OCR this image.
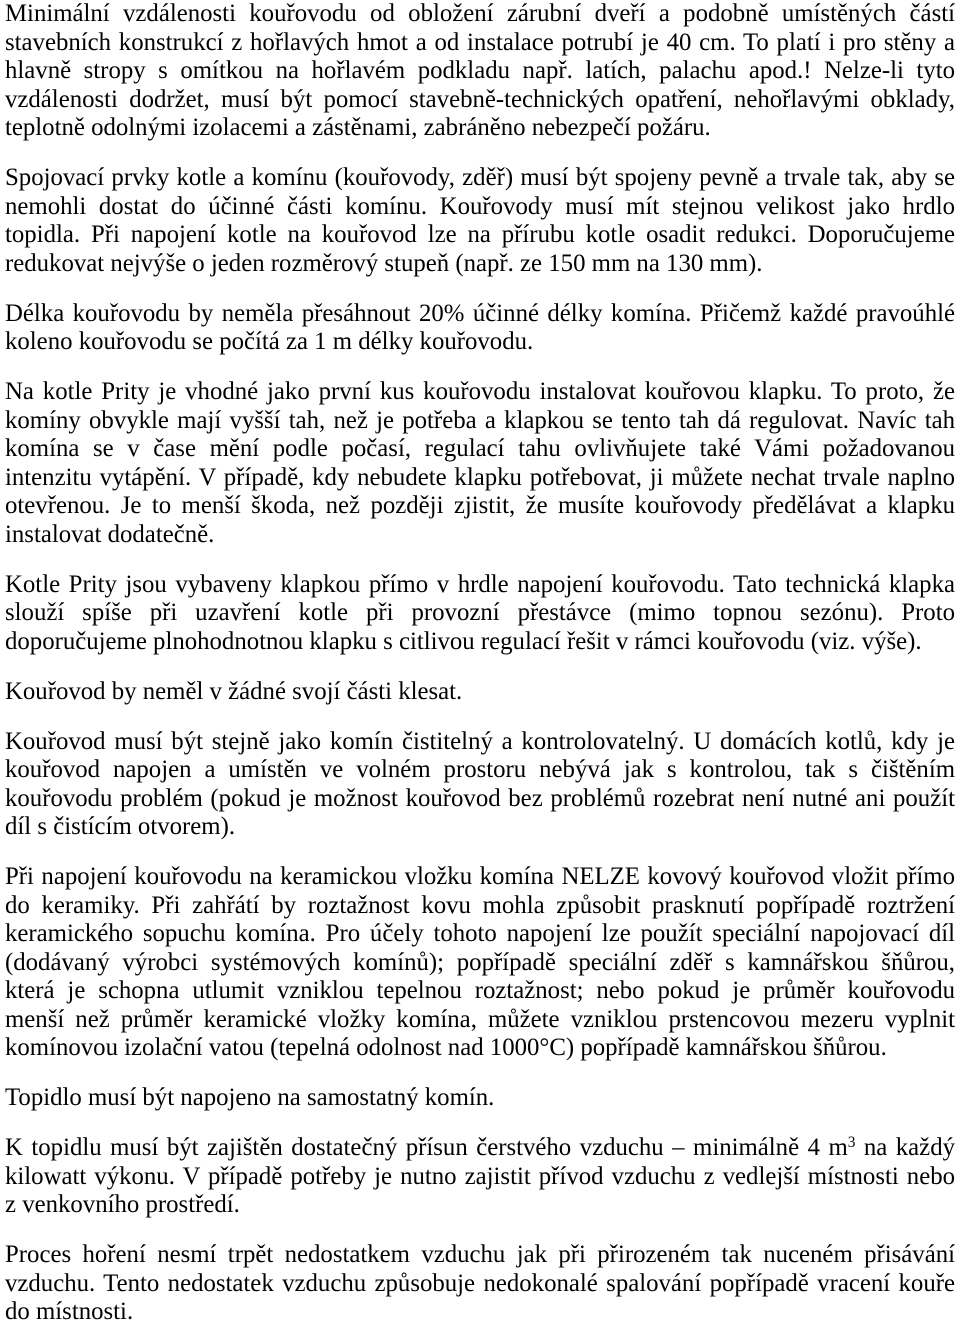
Minimální vzdálenosti kouřovodu od obložení zárubní dveří a podobně umístěných částí
stavebních konstrukcí z hořlavých hmot a od instalace potrubí je 40 cm. To platí i pro stěny a
hlavně stropy s omítkou na hořlavém podkladu např. latích, palachu apod.! Nelze-li tyto
vzdálenosti dodržet, musí být pomocí stavebně-technických opatření, nehořlavými obklady,
teplotně odolnými izolacemi a zástěnami, zabráněno nebezpečí požáru.
Spojovací prvky kotle a komínu (kouřovody, zděř) musí být spojeny pevně a trvale tak, aby se
nemohli dostat do účinné části komínu. Kouřovody musí mít stejnou velikost jako hrdlo
topidla. Při napojení kotle na kouřovod lze na přírubu kotle osadit redukci. Doporučujeme
redukovat nejvýše o jeden rozměrový stupeň (např. ze 150 mm na 130 mm).
Délka kouřovodu by neměla přesáhnout 20% účinné délky komína. Přičemž každé pravoúhlé
koleno kouřovodu se počítá za 1 m délky kouřovodu.
Na kotle Prity je vhodné jako první kus kouřovodu instalovat kouřovou klapku. To proto, že
komíny obvykle mají vyšší tah, než je potřeba a klapkou se tento tah dá regulovat. Navíc tah
komína se v čase mění podle počasí, regulací tahu ovlivňujete také Vámi požadovanou
intenzitu vytápění. V případě, kdy nebudete klapku potřebovat, ji můžete nechat trvale naplno
otevřenou. Je to menší škoda, než později zjistit, že musíte kouřovody předělávat a klapku
instalovat dodatečně.
Kotle Prity jsou vybaveny klapkou přímo v hrdle napojení kouřovodu. Tato technická klapka
slouží spíše při uzavření kotle při provozní přestávce (mimo topnou sezónu). Proto
doporučujeme plnohodnotnou klapku s citlivou regulací řešit v rámci kouřovodu (viz. výše).
Kouřovod by neměl v žádné svojí části klesat.
Kouřovod musí být stejně jako komín čistitelný a kontrolovatelný. U domácích kotlů, kdy je
kouřovod napojen a umístěn ve volném prostoru nebývá jak s kontrolou, tak s čištěním
kouřovodu problém (pokud je možnost kouřovod bez problémů rozebrat není nutné ani použít
díl s čistícím otvorem).
Při napojení kouřovodu na keramickou vložku komína NELZE kovový kouřovod vložit přímo
do keramiky. Při zahřátí by roztažnost kovu mohla způsobit prasknutí popřípadě roztržení
keramického sopuchu komína. Pro účely tohoto napojení lze použít speciální napojovací díl
(dodávaný výrobci systémových komínů); popřípadě speciální zděř s kamnářskou šňůrou,
která je schopna utlumit vzniklou tepelnou roztažnost; nebo pokud je průměr kouřovodu
menší než průměr keramické vložky komína, můžete vzniklou prstencovou mezeru vyplnit
komínovou izolační vatou (tepelná odolnost nad 1000°C) popřípadě kamnářskou šňůrou.
Topidlo musí být napojeno na samostatný komín.
K topidlu musí být zajištěn dostatečný přísun čerstvého vzduchu – minimálně 4 $m^3$ na každý
kilowatt výkonu. V případě potřeby je nutno zajistit přívod vzduchu z vedlejší místnosti nebo
z venkovního prostředí.
Proces hoření nesmí trpět nedostatkem vzduchu jak při přirozeném tak nuceném přisávání
vzduchu. Tento nedostatek vzduchu způsobuje nedokonalé spalování popřípadě vracení kouře
do místnosti.
